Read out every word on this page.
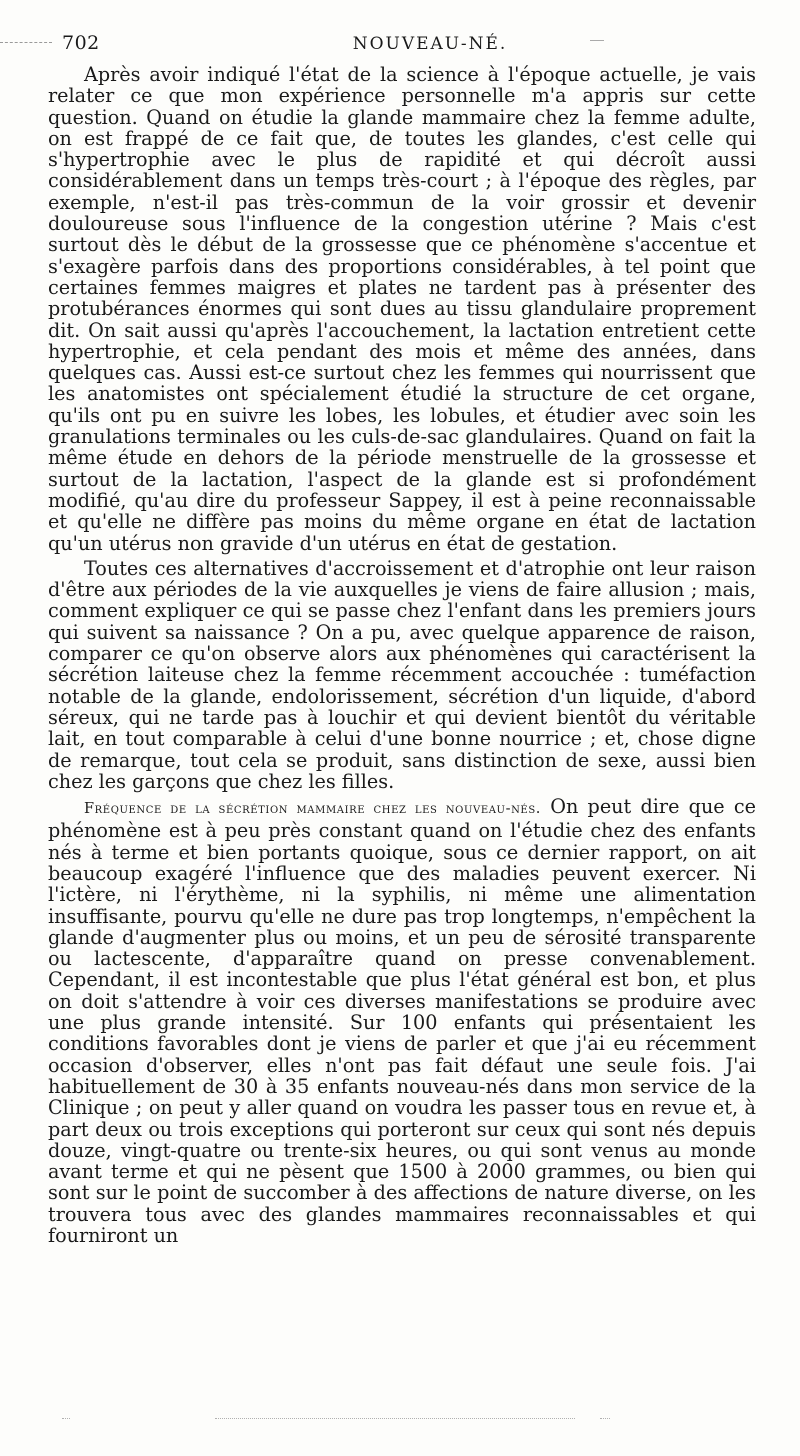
702	NOUVEAU-NÉ.

Après avoir indiqué l'état de la science à l'époque actuelle, je vais relater ce que mon expérience personnelle m'a appris sur cette question. Quand on étudie la glande mammaire chez la femme adulte, on est frappé de ce fait que, de toutes les glandes, c'est celle qui s'hypertrophie avec le plus de rapidité et qui décroît aussi considérablement dans un temps très-court ; à l'époque des règles, par exemple, n'est-il pas très-commun de la voir grossir et devenir douloureuse sous l'influence de la congestion utérine ? Mais c'est surtout dès le début de la grossesse que ce phénomène s'accentue et s'exagère parfois dans des proportions considérables, à tel point que certaines femmes maigres et plates ne tardent pas à présenter des protubérances énormes qui sont dues au tissu glandulaire proprement dit. On sait aussi qu'après l'accouchement, la lactation entretient cette hypertrophie, et cela pendant des mois et même des années, dans quelques cas. Aussi est-ce surtout chez les femmes qui nourrissent que les anatomistes ont spécialement étudié la structure de cet organe, qu'ils ont pu en suivre les lobes, les lobules, et étudier avec soin les granulations terminales ou les culs-de-sac glandulaires. Quand on fait la même étude en dehors de la période menstruelle de la grossesse et surtout de la lactation, l'aspect de la glande est si profondément modifié, qu'au dire du professeur Sappey, il est à peine reconnaissable et qu'elle ne diffère pas moins du même organe en état de lactation qu'un utérus non gravide d'un utérus en état de gestation.

Toutes ces alternatives d'accroissement et d'atrophie ont leur raison d'être aux périodes de la vie auxquelles je viens de faire allusion ; mais, comment expliquer ce qui se passe chez l'enfant dans les premiers jours qui suivent sa naissance ? On a pu, avec quelque apparence de raison, comparer ce qu'on observe alors aux phénomènes qui caractérisent la sécrétion laiteuse chez la femme récemment accouchée : tuméfaction notable de la glande, endolorissement, sécrétion d'un liquide, d'abord séreux, qui ne tarde pas à louchir et qui devient bientôt du véritable lait, en tout comparable à celui d'une bonne nourrice ; et, chose digne de remarque, tout cela se produit, sans distinction de sexe, aussi bien chez les garçons que chez les filles.

Fréquence de la sécrétion mammaire chez les nouveau-nés. On peut dire que ce phénomène est à peu près constant quand on l'étudie chez des enfants nés à terme et bien portants quoique, sous ce dernier rapport, on ait beaucoup exagéré l'influence que des maladies peuvent exercer. Ni l'ictère, ni l'érythème, ni la syphilis, ni même une alimentation insuffisante, pourvu qu'elle ne dure pas trop longtemps, n'empêchent la glande d'augmenter plus ou moins, et un peu de sérosité transparente ou lactescente, d'apparaître quand on presse convenablement. Cependant, il est incontestable que plus l'état général est bon, et plus on doit s'attendre à voir ces diverses manifestations se produire avec une plus grande intensité. Sur 100 enfants qui présentaient les conditions favorables dont je viens de parler et que j'ai eu récemment occasion d'observer, elles n'ont pas fait défaut une seule fois. J'ai habituellement de 30 à 35 enfants nouveau-nés dans mon service de la Clinique ; on peut y aller quand on voudra les passer tous en revue et, à part deux ou trois exceptions qui porteront sur ceux qui sont nés depuis douze, vingt-quatre ou trente-six heures, ou qui sont venus au monde avant terme et qui ne pèsent que 1500 à 2000 grammes, ou bien qui sont sur le point de succomber à des affections de nature diverse, on les trouvera tous avec des glandes mammaires reconnaissables et qui fourniront un
